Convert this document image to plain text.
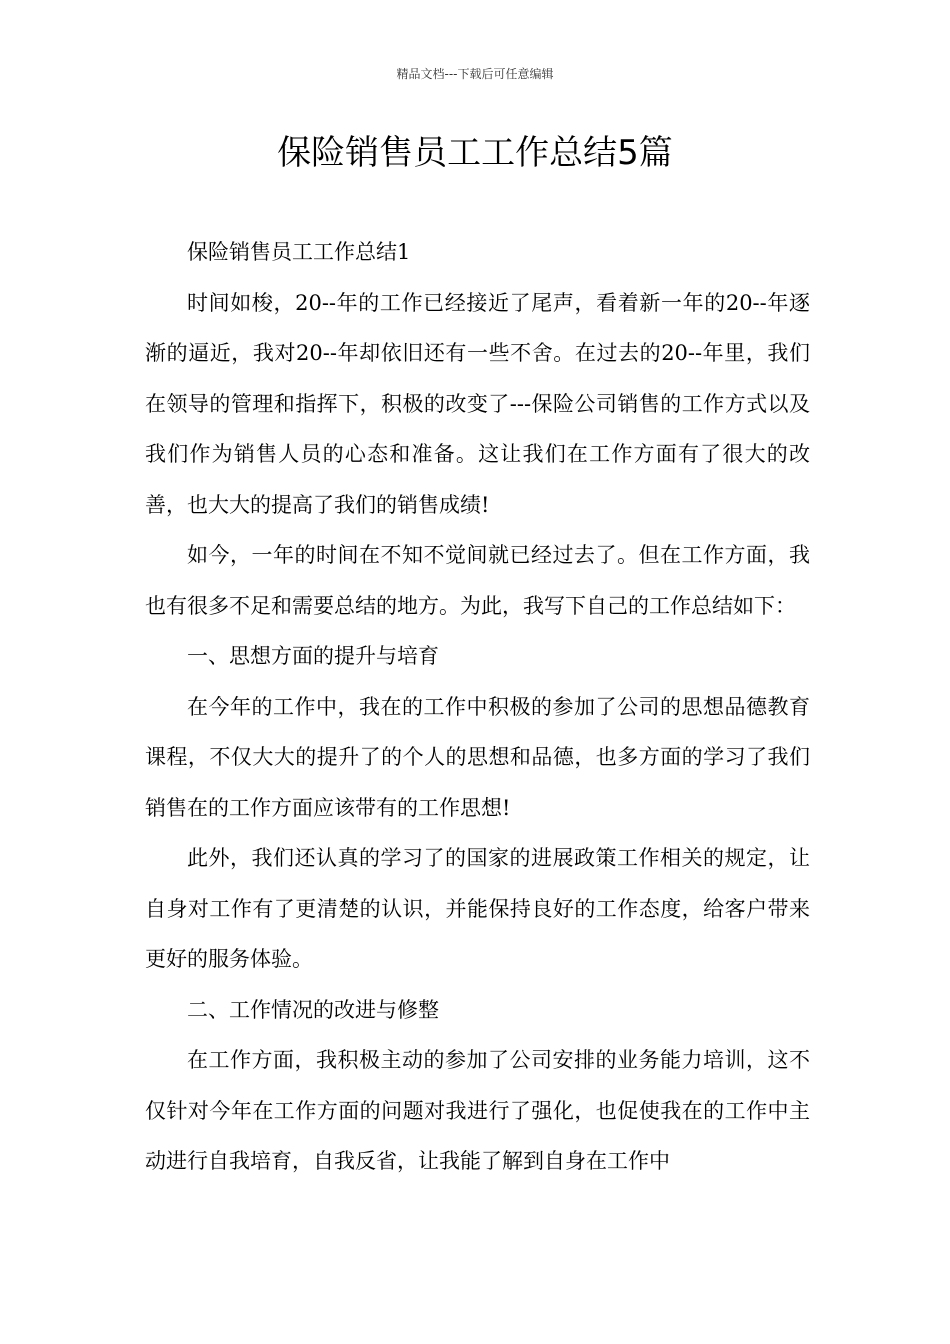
精品文档---下载后可任意编辑
保险销售员工工作总结5篇

保险销售员工工作总结1

时间如梭，20--年的工作已经接近了尾声，看着新一年的20--年逐渐的逼近，我对20--年却依旧还有一些不舍。在过去的20--年里，我们在领导的管理和指挥下，积极的改变了---保险公司销售的工作方式以及我们作为销售人员的心态和准备。这让我们在工作方面有了很大的改善，也大大的提高了我们的销售成绩!

如今，一年的时间在不知不觉间就已经过去了。但在工作方面，我也有很多不足和需要总结的地方。为此，我写下自己的工作总结如下：

一、思想方面的提升与培育

在今年的工作中，我在的工作中积极的参加了公司的思想品德教育课程，不仅大大的提升了的个人的思想和品德，也多方面的学习了我们销售在的工作方面应该带有的工作思想!

此外，我们还认真的学习了的国家的进展政策工作相关的规定，让自身对工作有了更清楚的认识，并能保持良好的工作态度，给客户带来更好的服务体验。

二、工作情况的改进与修整

在工作方面，我积极主动的参加了公司安排的业务能力培训，这不仅针对今年在工作方面的问题对我进行了强化，也促使我在的工作中主动进行自我培育，自我反省，让我能了解到自身在工作中
